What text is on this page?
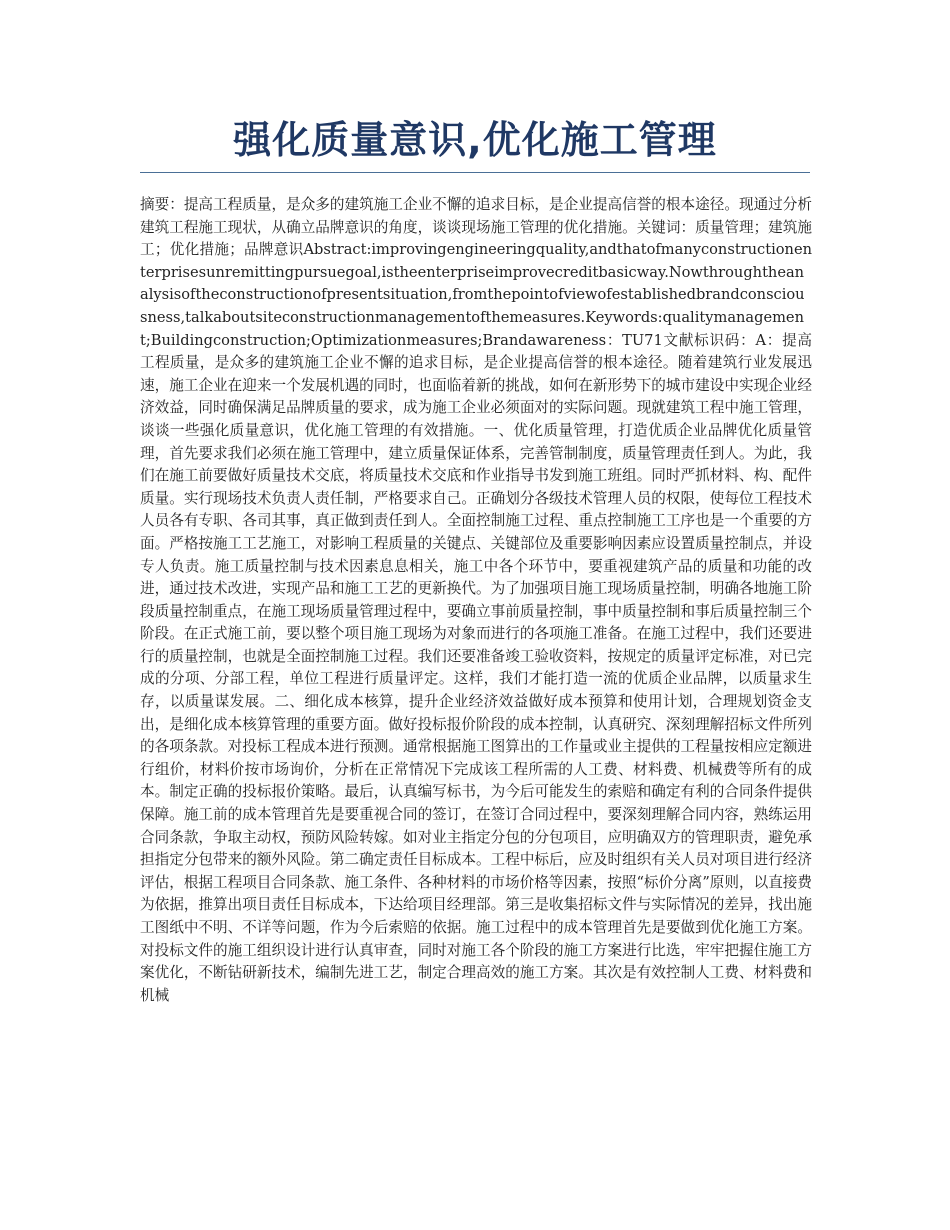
强化质量意识,优化施工管理

摘要：提高工程质量，是众多的建筑施工企业不懈的追求目标，是企业提高信誉的根本途径。现通过分析建筑工程施工现状，从确立品牌意识的角度，谈谈现场施工管理的优化措施。关键词：质量管理；建筑施工；优化措施；品牌意识Abstract:improvingengineeringquality,andthatofmanyconstructionenterprisesunremittingpursuegoal,istheenterpriseimprovecreditbasicway.Nowthroughtheanalysisoftheconstructionofpresentsituation,fromthepointofviewofestablishedbrandconsciousness,talkaboutsiteconstructionmanagementofthemeasures.Keywords:qualitymanagement;Buildingconstruction;Optimizationmeasures;Brandawareness：TU71文献标识码：A：提高工程质量，是众多的建筑施工企业不懈的追求目标，是企业提高信誉的根本途径。随着建筑行业发展迅速，施工企业在迎来一个发展机遇的同时，也面临着新的挑战，如何在新形势下的城市建设中实现企业经济效益，同时确保满足品牌质量的要求，成为施工企业必须面对的实际问题。现就建筑工程中施工管理，谈谈一些强化质量意识，优化施工管理的有效措施。一、优化质量管理，打造优质企业品牌优化质量管理，首先要求我们必须在施工管理中，建立质量保证体系，完善管制制度，质量管理责任到人。为此，我们在施工前要做好质量技术交底，将质量技术交底和作业指导书发到施工班组。同时严抓材料、构、配件质量。实行现场技术负责人责任制，严格要求自己。正确划分各级技术管理人员的权限，使每位工程技术人员各有专职、各司其事，真正做到责任到人。全面控制施工过程、重点控制施工工序也是一个重要的方面。严格按施工工艺施工，对影响工程质量的关键点、关键部位及重要影响因素应设置质量控制点，并设专人负责。施工质量控制与技术因素息息相关，施工中各个环节中，要重视建筑产品的质量和功能的改进，通过技术改进，实现产品和施工工艺的更新换代。为了加强项目施工现场质量控制，明确各地施工阶段质量控制重点，在施工现场质量管理过程中，要确立事前质量控制，事中质量控制和事后质量控制三个阶段。在正式施工前，要以整个项目施工现场为对象而进行的各项施工准备。在施工过程中，我们还要进行的质量控制，也就是全面控制施工过程。我们还要准备竣工验收资料，按规定的质量评定标准，对已完成的分项、分部工程，单位工程进行质量评定。这样，我们才能打造一流的优质企业品牌，以质量求生存，以质量谋发展。二、细化成本核算，提升企业经济效益做好成本预算和使用计划，合理规划资金支出，是细化成本核算管理的重要方面。做好投标报价阶段的成本控制，认真研究、深刻理解招标文件所列的各项条款。对投标工程成本进行预测。通常根据施工图算出的工作量或业主提供的工程量按相应定额进行组价，材料价按市场询价，分析在正常情况下完成该工程所需的人工费、材料费、机械费等所有的成本。制定正确的投标报价策略。最后，认真编写标书，为今后可能发生的索赔和确定有利的合同条件提供保障。施工前的成本管理首先是要重视合同的签订，在签订合同过程中，要深刻理解合同内容，熟练运用合同条款，争取主动权，预防风险转嫁。如对业主指定分包的分包项目，应明确双方的管理职责，避免承担指定分包带来的额外风险。第二确定责任目标成本。工程中标后，应及时组织有关人员对项目进行经济评估，根据工程项目合同条款、施工条件、各种材料的市场价格等因素，按照“标价分离”原则，以直接费为依据，推算出项目责任目标成本，下达给项目经理部。第三是收集招标文件与实际情况的差异，找出施工图纸中不明、不详等问题，作为今后索赔的依据。施工过程中的成本管理首先是要做到优化施工方案。对投标文件的施工组织设计进行认真审查，同时对施工各个阶段的施工方案进行比选，牢牢把握住施工方案优化，不断钻研新技术，编制先进工艺，制定合理高效的施工方案。其次是有效控制人工费、材料费和机械
